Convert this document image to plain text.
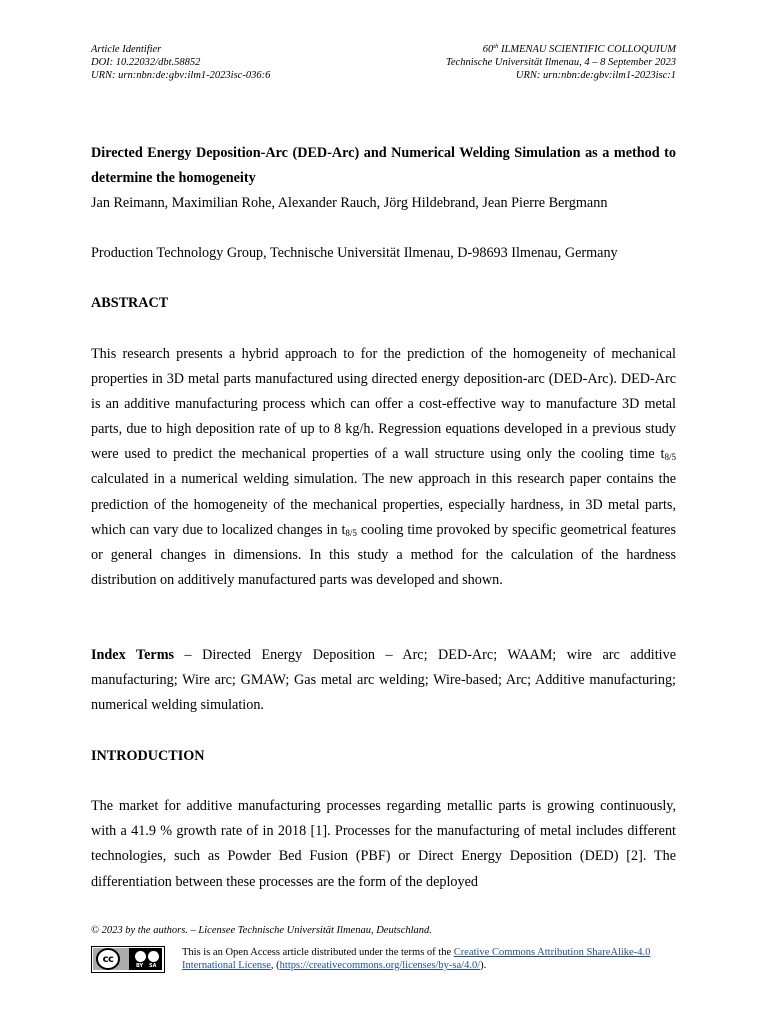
Article Identifier
DOI: 10.22032/dbt.58852
URN: urn:nbn:de:gbv:ilm1-2023isc-036:6
60th ILMENAU SCIENTIFIC COLLOQUIUM
Technische Universität Ilmenau, 4 – 8 September 2023
URN: urn:nbn:de:gbv:ilm1-2023isc:1
Directed Energy Deposition-Arc (DED-Arc) and Numerical Welding Simulation as a method to determine the homogeneity
Jan Reimann, Maximilian Rohe, Alexander Rauch, Jörg Hildebrand, Jean Pierre Bergmann
Production Technology Group, Technische Universität Ilmenau, D-98693 Ilmenau, Germany
ABSTRACT
This research presents a hybrid approach to for the prediction of the homogeneity of mechanical properties in 3D metal parts manufactured using directed energy deposition-arc (DED-Arc). DED-Arc is an additive manufacturing process which can offer a cost-effective way to manufacture 3D metal parts, due to high deposition rate of up to 8 kg/h. Regression equations developed in a previous study were used to predict the mechanical properties of a wall structure using only the cooling time $t_{8/5}$ calculated in a numerical welding simulation. The new approach in this research paper contains the prediction of the homogeneity of the mechanical properties, especially hardness, in 3D metal parts, which can vary due to localized changes in $t_{8/5}$ cooling time provoked by specific geometrical features or general changes in dimensions. In this study a method for the calculation of the hardness distribution on additively manufactured parts was developed and shown.
Index Terms – Directed Energy Deposition – Arc; DED-Arc; WAAM; wire arc additive manufacturing; Wire arc; GMAW; Gas metal arc welding; Wire-based; Arc; Additive manufacturing; numerical welding simulation.
INTRODUCTION
The market for additive manufacturing processes regarding metallic parts is growing continuously, with a 41.9 % growth rate of in 2018 [1]. Processes for the manufacturing of metal includes different technologies, such as Powder Bed Fusion (PBF) or Direct Energy Deposition (DED) [2]. The differentiation between these processes are the form of the deployed
© 2023 by the authors. – Licensee Technische Universität Ilmenau, Deutschland.
cc
BY SA
This is an Open Access article distributed under the terms of the Creative Commons Attribution ShareAlike-4.0 International License, (https://creativecommons.org/licenses/by-sa/4.0/).
